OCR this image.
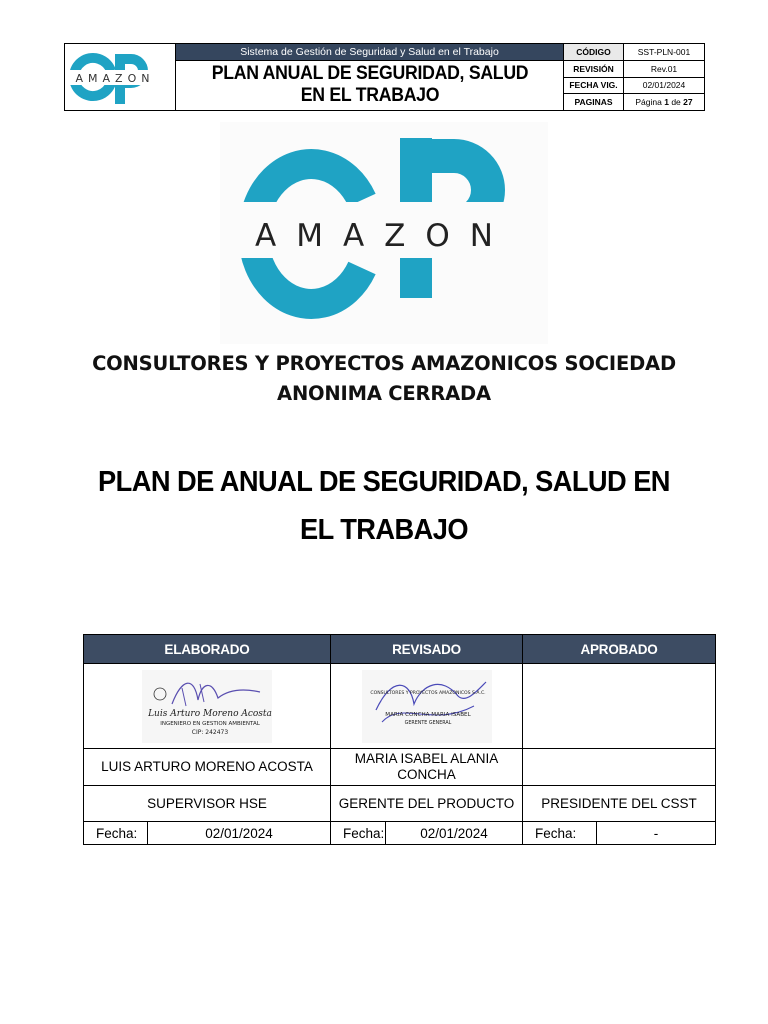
AMAZON	Sistema de Gestión de Seguridad y Salud en el Trabajo	CÓDIGO	SST-PLN-001

	PLAN ANUAL DE SEGURIDAD, SALUD
EN EL TRABAJO	REVISIÓN	Rev.01
		FECHA VIG.	02/01/2024
		PAGINAS	Página 1 de 27
AMAZON
CONSULTORES Y PROYECTOS AMAZONICOS SOCIEDAD
ANONIMA CERRADA
PLAN DE ANUAL DE SEGURIDAD, SALUD EN
EL TRABAJO
ELABORADO		REVISADO		APROBADO	

Luis Arturo Moreno Acosta
INGENIERO EN GESTION AMBIENTAL
CIP: 242473		CONSULTORES Y PROYECTOS AMAZONICOS S.A.C.
MARIA CONCHA MARIA ISABEL
GERENTE GENERAL			

LUIS ARTURO MORENO ACOSTA		MARIA ISABEL ALANIA CONCHA			
SUPERVISOR HSE		GERENTE DEL PRODUCTO		PRESIDENTE DEL CSST	
Fecha:	02/01/2024	Fecha:	02/01/2024	Fecha:	-
